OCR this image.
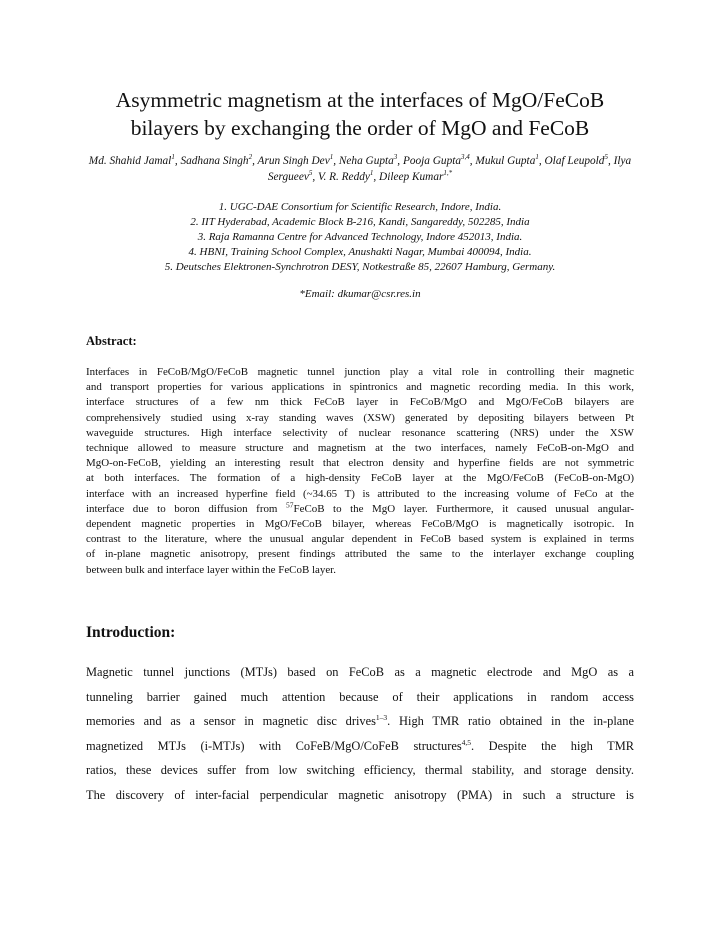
Asymmetric magnetism at the interfaces of MgO/FeCoB
bilayers by exchanging the order of MgO and FeCoB
Md. Shahid Jamal$^1$, Sadhana Singh$^2$, Arun Singh Dev$^1$, Neha Gupta$^3$, Pooja Gupta$^{3,4}$, Mukul Gupta$^1$, Olaf Leupold$^5$, Ilya Sergueev$^5$, V. R. Reddy$^1$, Dileep Kumar$^{1,*}$
1. UGC-DAE Consortium for Scientific Research, Indore, India.
2. IIT Hyderabad, Academic Block B-216, Kandi, Sangareddy, 502285, India
3. Raja Ramanna Centre for Advanced Technology, Indore 452013, India.
4. HBNI, Training School Complex, Anushakti Nagar, Mumbai 400094, India.
5. Deutsches Elektronen-Synchrotron DESY, Notkestraße 85, 22607 Hamburg, Germany.
*Email: dkumar@csr.res.in
Abstract:
Interfaces in FeCoB/MgO/FeCoB magnetic tunnel junction play a vital role in controlling their magnetic
and transport properties for various applications in spintronics and magnetic recording media. In this work,
interface structures of a few nm thick FeCoB layer in FeCoB/MgO and MgO/FeCoB bilayers are
comprehensively studied using x-ray standing waves (XSW) generated by depositing bilayers between Pt
waveguide structures. High interface selectivity of nuclear resonance scattering (NRS) under the XSW
technique allowed to measure structure and magnetism at the two interfaces, namely FeCoB-on-MgO and
MgO-on-FeCoB, yielding an interesting result that electron density and hyperfine fields are not symmetric
at both interfaces. The formation of a high-density FeCoB layer at the MgO/FeCoB (FeCoB-on-MgO)
interface with an increased hyperfine field (~34.65 T) is attributed to the increasing volume of FeCo at the
interface due to boron diffusion from $^{57}$FeCoB to the MgO layer. Furthermore, it caused unusual angular-
dependent magnetic properties in MgO/FeCoB bilayer, whereas FeCoB/MgO is magnetically isotropic. In
contrast to the literature, where the unusual angular dependent in FeCoB based system is explained in terms
of in-plane magnetic anisotropy, present findings attributed the same to the interlayer exchange coupling
between bulk and interface layer within the FeCoB layer.
Introduction:
Magnetic tunnel junctions (MTJs) based on FeCoB as a magnetic electrode and MgO as a
tunneling barrier gained much attention because of their applications in random access
memories and as a sensor in magnetic disc drives$^{1-3}$. High TMR ratio obtained in the in-plane
magnetized MTJs (i-MTJs) with CoFeB/MgO/CoFeB structures$^{4,5}$. Despite the high TMR
ratios, these devices suffer from low switching efficiency, thermal stability, and storage density.
The discovery of inter-facial perpendicular magnetic anisotropy (PMA) in such a structure is
